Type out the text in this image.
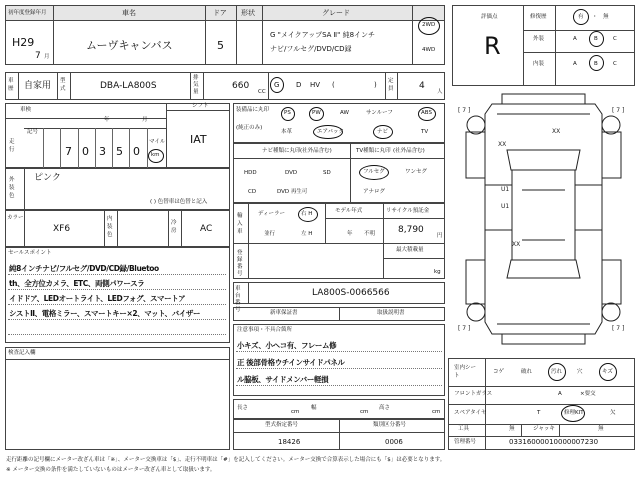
初年度登録年月	車名	ドア 形状	グレード
H29
7 月
ムーヴキャンバス	5
G "メイクアップSA Ⅱ" 純8インチ
ナビ/フルセグ/DVD/CD録
2WD
4WD
車歴 自家用 型式	DBA-LA800S
排気量
660
CC
G D HV (	) 定員	4
人
車検
年	月
シフト
IAT
走行
記号
7 0 3 5 0
マイル
km
外装色
ピンク
( ) 色替車は色替と記入
カラー
XF6
内装色
冷房	AC
セールスポイント
純8インチナビ/フルセグ/DVD/CD録/Bluetoo
th、全方位カメラ、ETC、両側パワースラ
イドドア、LEDオートライト、LEDフォグ、スマートア
シストⅡ、電格ミラー、スマートキー×2、マット、バイザー
検査記入欄
装備品に丸印
(純正のみ)
PS	PW	AW	サンルーフ	ABS
本革	エアバック	ナビ	TV
ナビ種類に丸印 (社外品含む)	TV種類に丸印 (社外品含む)
HDD	DVD	SD
CD	DVD 再生可
フルセグ	ワンセグ
アナログ
輸入車
ディーラー	右 H
並行	左 H
モデル年式
年 不明
リサイクル預託金
8,790
円
最大積載量
kg
登録番号
車台番号
LA800S-0066566
新車保証書	取扱説明書
注意事項・不具合箇所
小キズ、小ヘコ有、フレーム修
正 後部骨格ウチインサイドパネル
ル脇板、サイドメンバー軽損
長さ
cm
幅
cm
高さ
cm
型式指定番号
18426
類別区分番号
0006
評価点
R
修復歴	有 ・ 無
外装	A	B	C
内装	A	B	C
[ 7 ]	[ 7 ]
[ 7 ]	[ 7 ]
XX
XX
XX
U1
U1
室内シート
コゲ	破れ	汚れ	穴	キズ
フロントガラス	A	×要交
スペアタイヤ	T	修理KIT	欠
工具	無	ジャッキ	無
管理番号	03316000010000007230
走行距離の記号欄にメーター改ざん車は「※」、メーター交換車は「$」、走行不明車は「#」を記入してください。メーター交換で合算表示した場合にも「$」は必要となります。
※ メーター交換の条件を満たしていないものはメーター改ざん車として取扱います。
